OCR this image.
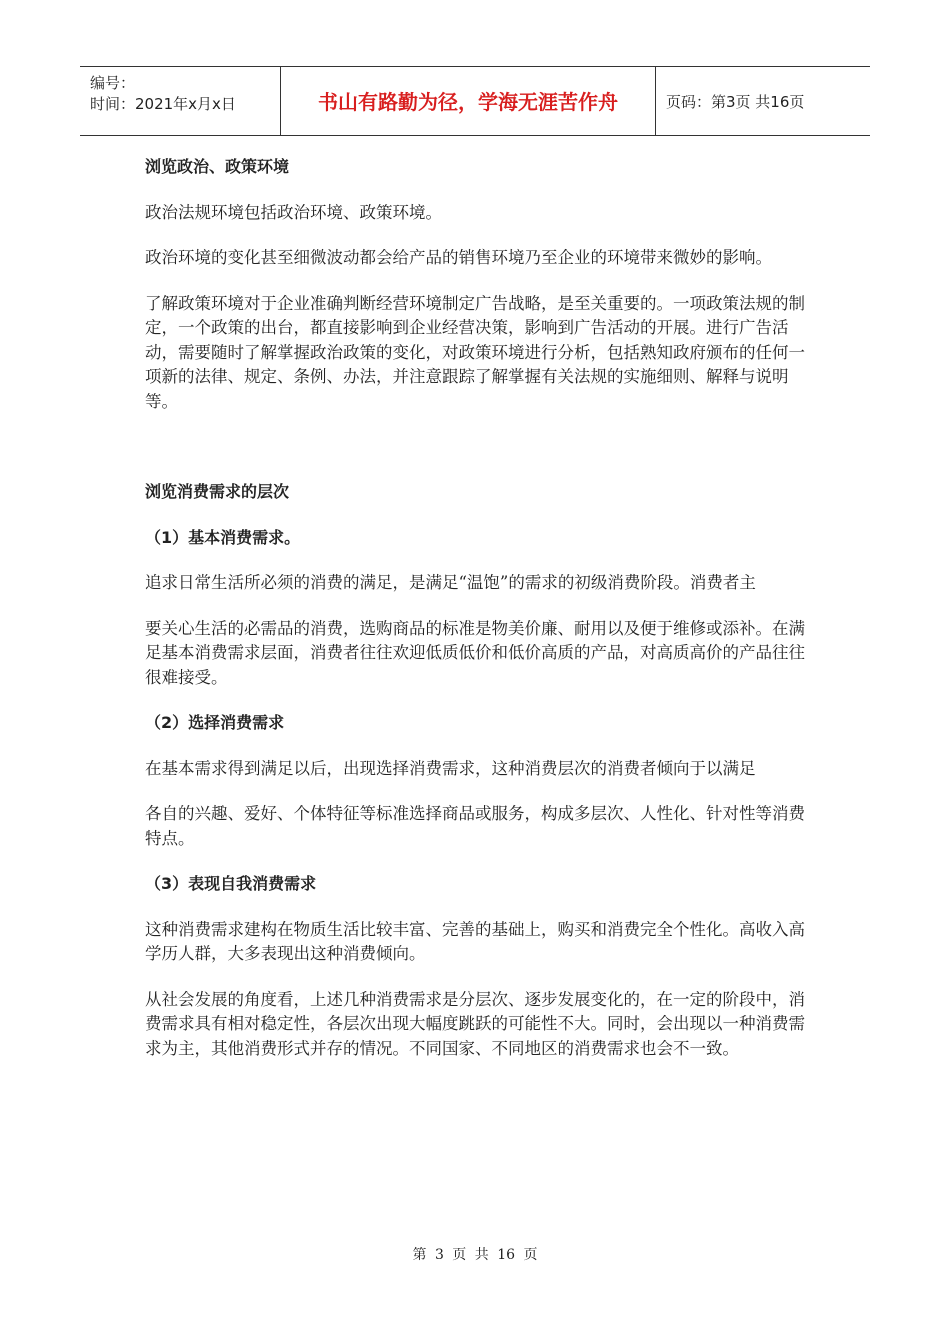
编号：
时间：2021年x月x日	书山有路勤为径，学海无涯苦作舟	页码：第3页 共16页

浏览政治、政策环境

政治法规环境包括政治环境、政策环境。

政治环境的变化甚至细微波动都会给产品的销售环境乃至企业的环境带来微妙的影响。

了解政策环境对于企业准确判断经营环境制定广告战略，是至关重要的。一项政策法规的制定，一个政策的出台，都直接影响到企业经营决策，影响到广告活动的开展。进行广告活动，需要随时了解掌握政治政策的变化，对政策环境进行分析，包括熟知政府颁布的任何一项新的法律、规定、条例、办法，并注意跟踪了解掌握有关法规的实施细则、解释与说明等。

浏览消费需求的层次

（1）基本消费需求。

追求日常生活所必须的消费的满足，是满足“温饱”的需求的初级消费阶段。消费者主

要关心生活的必需品的消费，选购商品的标准是物美价廉、耐用以及便于维修或添补。在满足基本消费需求层面，消费者往往欢迎低质低价和低价高质的产品，对高质高价的产品往往很难接受。

（2）选择消费需求

在基本需求得到满足以后，出现选择消费需求，这种消费层次的消费者倾向于以满足

各自的兴趣、爱好、个体特征等标准选择商品或服务，构成多层次、人性化、针对性等消费特点。

（3）表现自我消费需求

这种消费需求建构在物质生活比较丰富、完善的基础上，购买和消费完全个性化。高收入高学历人群，大多表现出这种消费倾向。

从社会发展的角度看，上述几种消费需求是分层次、逐步发展变化的，在一定的阶段中，消费需求具有相对稳定性，各层次出现大幅度跳跃的可能性不大。同时，会出现以一种消费需求为主，其他消费形式并存的情况。不同国家、不同地区的消费需求也会不一致。

第 3 页 共 16 页
